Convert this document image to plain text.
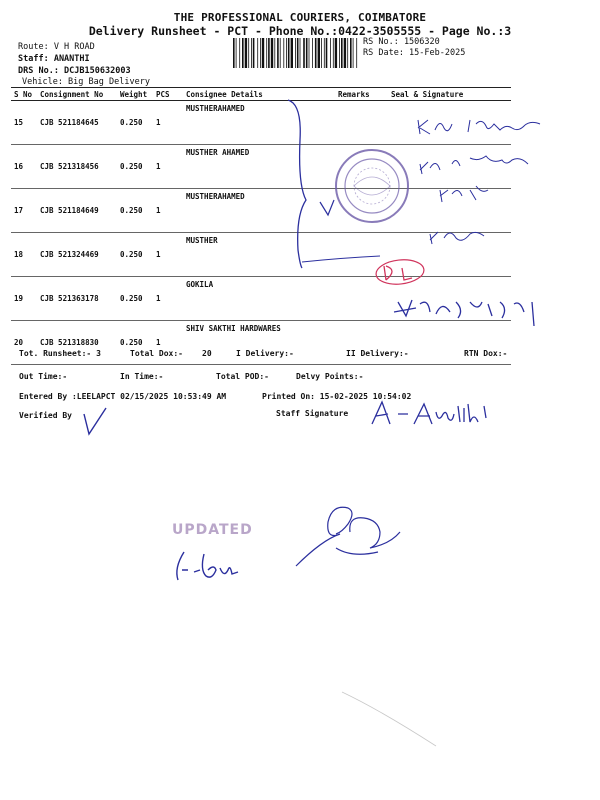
THE PROFESSIONAL COURIERS, COIMBATORE
Delivery Runsheet - PCT - Phone No.:0422-3505555 - Page No.:3
Route: V H ROAD
Staff: ANANTHI
DRS No.: DCJB150632003
Vehicle: Big Bag Delivery
RS No.: 1506320
RS Date: 15-Feb-2025
S No	Consignment No	Weight	PCS	Consignee Details	Remarks	Seal & Signature
15	CJB 521184645	0.250	1	MUSTHERAHAMED		
16	CJB 521318456	0.250	1	MUSTHER AHAMED		
17	CJB 521184649	0.250	1	MUSTHERAHAMED		
18	CJB 521324469	0.250	1	MUSTHER		
19	CJB 521363178	0.250	1	GOKILA		
20	CJB 521318830	0.250	1	SHIV SAKTHI HARDWARES		
Tot. Runsheet:- 3	Total Dox:- 20	I Delivery:-	II Delivery:-	RTN Dox:-
Out Time:-	In Time:-	Total POD:-	Delvy Points:-
Entered By :LEELAPCT 02/15/2025 10:53:49 AM	Printed On: 15-02-2025 10:54:02
Verified By	Staff Signature
UPDATED
